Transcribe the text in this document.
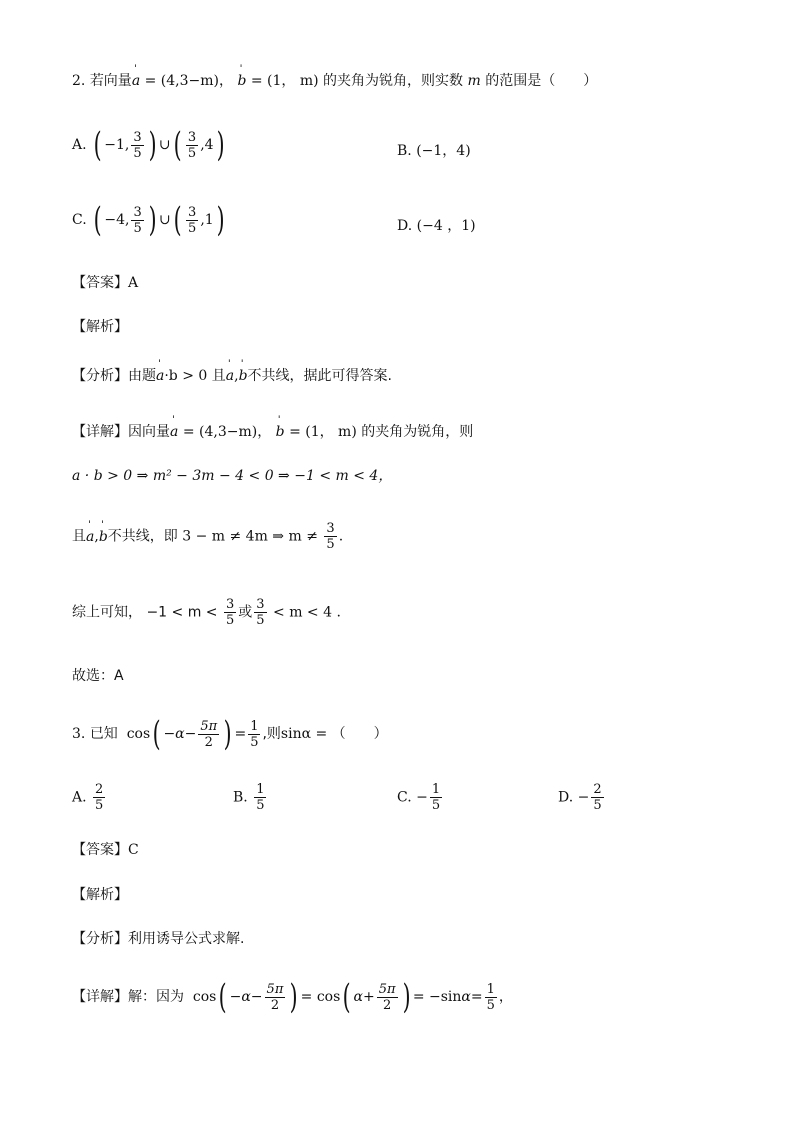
2. 若向量ˈ a = (4,3−m)， ˈ b = (1， m) 的夹角为锐角，则实数 m 的范围是（　　）
A. ( −1, $\frac{3}{5}$ ) ∪( $\frac{3}{5} ,4$)	B. (−1，4)
C. ( −4, $\frac{3}{5}$ ) ∪( $\frac{3}{5} ,1$)	D. (−4 ，1)
【答案】A
【解析】
【分析】由题ˈ a·b > 0 且ˈ a,ˈ b不共线，据此可得答案.
【详解】因向量ˈ a = (4,3−m)， ˈ b = (1， m) 的夹角为锐角，则
a · b > 0 ⇒ m² − 3m − 4 < 0 ⇒ −1 < m < 4，
且ˈ a,ˈ b不共线，即 3 − m ≠ 4m ⇒ $m \ne \frac{3}{5}$ .
综上可知， $-1 < m < \frac{3}{5}$ 或 $\frac{3}{5} < m < 4$ .
故选：A
3. 已知  $\cos( -\alpha- \frac{5\pi}{2}$ ) = $\frac{1}{5}$ ,则sinα = （　　）
A. $\frac{2}{5}$	B. $\frac{1}{5}$	C. − $\frac{1}{5}$	D. − $\frac{2}{5}$
【答案】C
【解析】
【分析】利用诱导公式求解.
【详解】解：因为  $\cos( -\alpha- \frac{5\pi}{2}$ ) = cos( $\alpha+ \frac{5\pi}{2}$ ) = $-\sin\alpha= \frac{1}{5}$ ，
